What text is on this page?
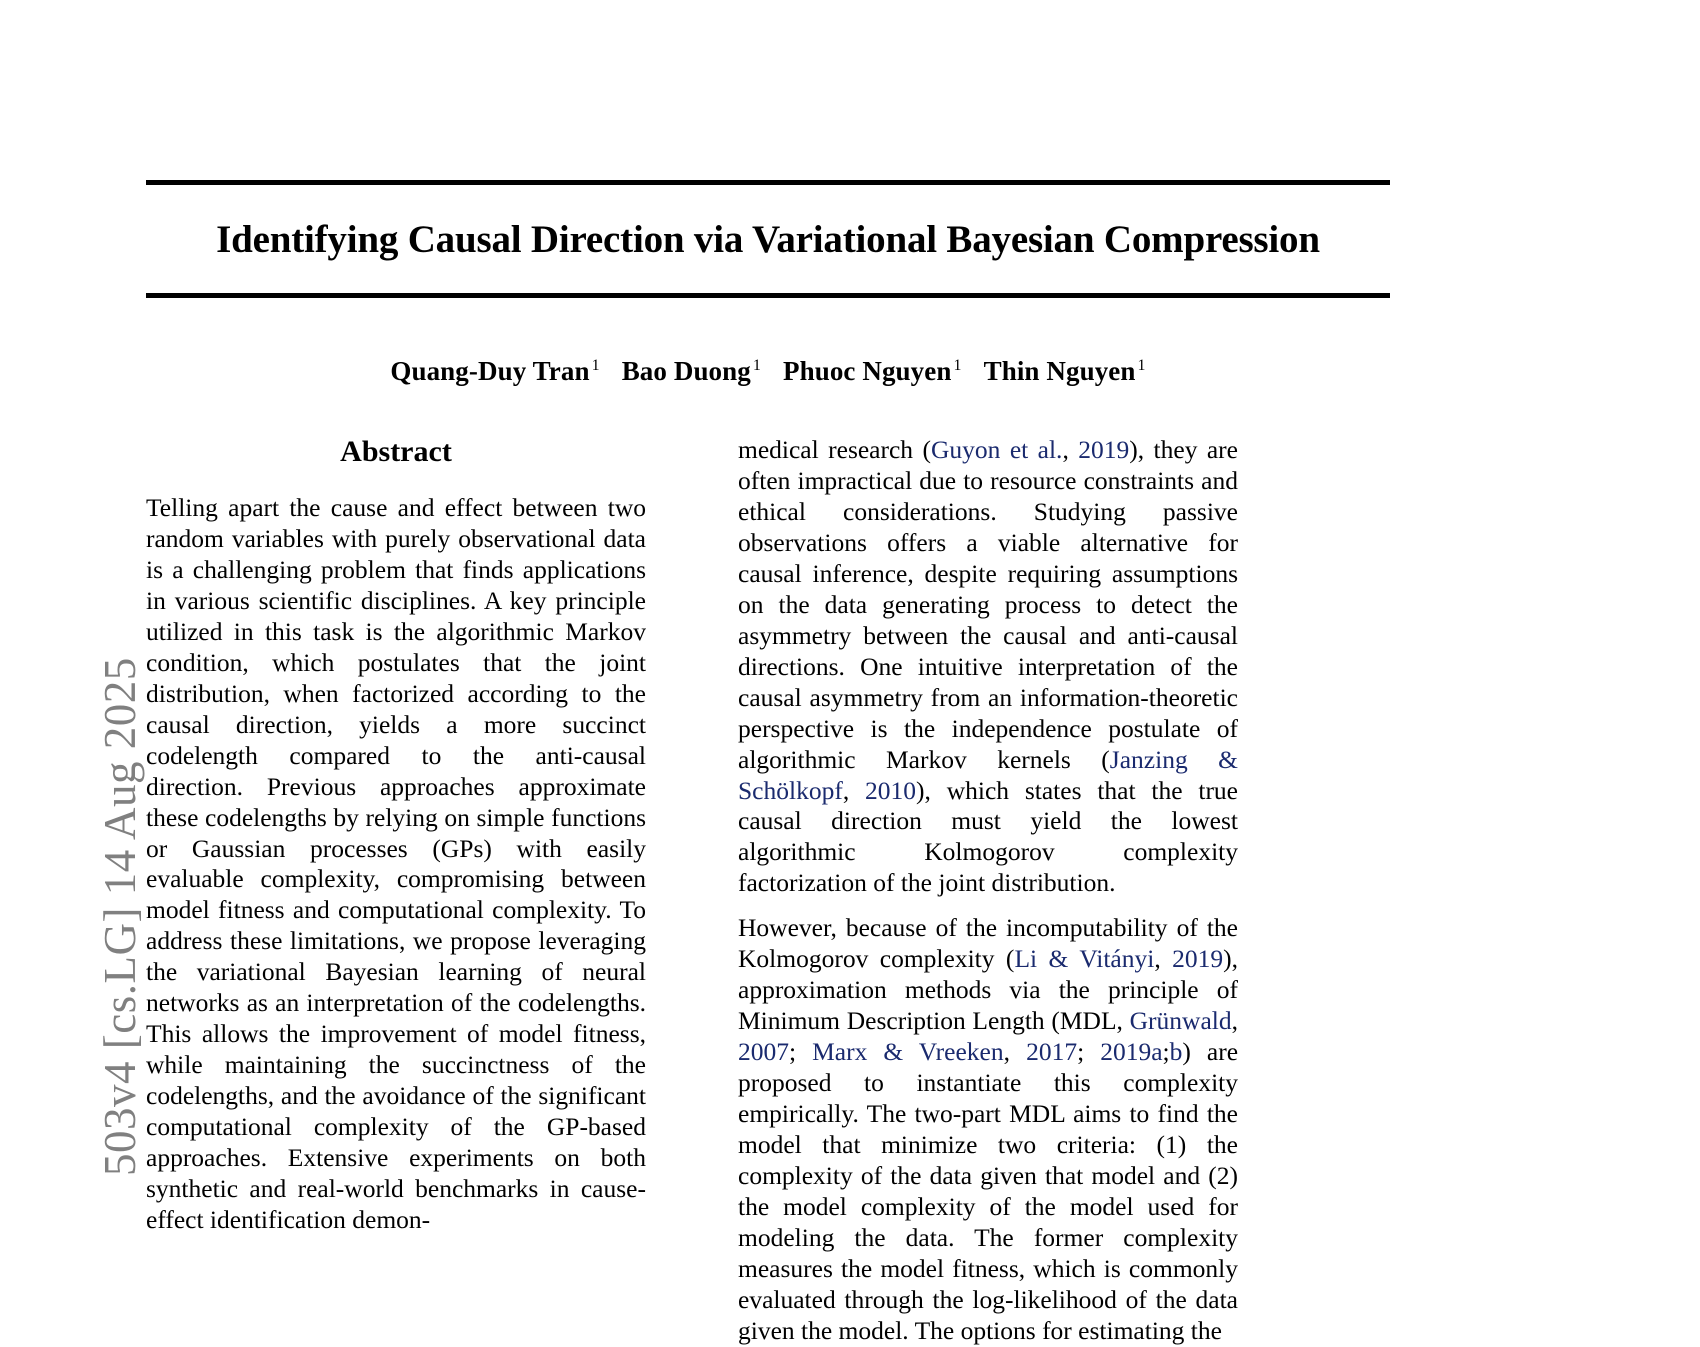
503v4 [cs.LG] 14 Aug 2025
Identifying Causal Direction via Variational Bayesian Compression
Quang-Duy Tran $^1$ Bao Duong $^1$ Phuoc Nguyen $^1$ Thin Nguyen $^1$
Abstract

Telling apart the cause and effect between two random variables with purely observational data is a challenging problem that finds applications in various scientific disciplines. A key principle utilized in this task is the algorithmic Markov condition, which postulates that the joint distribution, when factorized according to the causal direction, yields a more succinct codelength compared to the anti-causal direction. Previous approaches approximate these codelengths by relying on simple functions or Gaussian processes (GPs) with easily evaluable complexity, compromising between model fitness and computational complexity. To address these limitations, we propose leveraging the variational Bayesian learning of neural networks as an interpretation of the codelengths. This allows the improvement of model fitness, while maintaining the succinctness of the codelengths, and the avoidance of the significant computational complexity of the GP-based approaches. Extensive experiments on both synthetic and real-world benchmarks in cause-effect identification demon-

medical research (Guyon et al., 2019), they are often impractical due to resource constraints and ethical considerations. Studying passive observations offers a viable alternative for causal inference, despite requiring assumptions on the data generating process to detect the asymmetry between the causal and anti-causal directions. One intuitive interpretation of the causal asymmetry from an information-theoretic perspective is the independence postulate of algorithmic Markov kernels (Janzing & Schölkopf, 2010), which states that the true causal direction must yield the lowest algorithmic Kolmogorov complexity factorization of the joint distribution.

However, because of the incomputability of the Kolmogorov complexity (Li & Vitányi, 2019), approximation methods via the principle of Minimum Description Length (MDL, Grünwald, 2007; Marx & Vreeken, 2017; 2019a;b) are proposed to instantiate this complexity empirically. The two-part MDL aims to find the model that minimize two criteria: (1) the complexity of the data given that model and (2) the model complexity of the model used for modeling the data. The former complexity measures the model fitness, which is commonly evaluated through the log-likelihood of the data given the model. The options for estimating the
